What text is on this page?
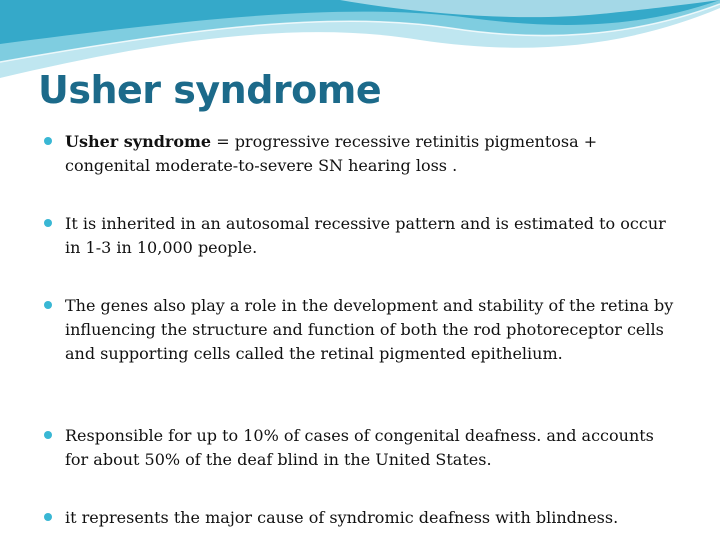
Usher syndrome
Usher syndrome = progressive recessive retinitis pigmentosa + congenital moderate-to-severe SN hearing loss .
It is inherited in an autosomal recessive pattern and is estimated to occur in 1-3 in 10,000 people.
The genes also play a role in the development and stability of the retina by influencing the structure and function of both the rod photoreceptor cells and supporting cells called the retinal pigmented epithelium.
Responsible for up to 10% of cases of congenital deafness. and accounts for about 50% of the deaf blind in the United States.
it represents the major cause of syndromic deafness with blindness.
